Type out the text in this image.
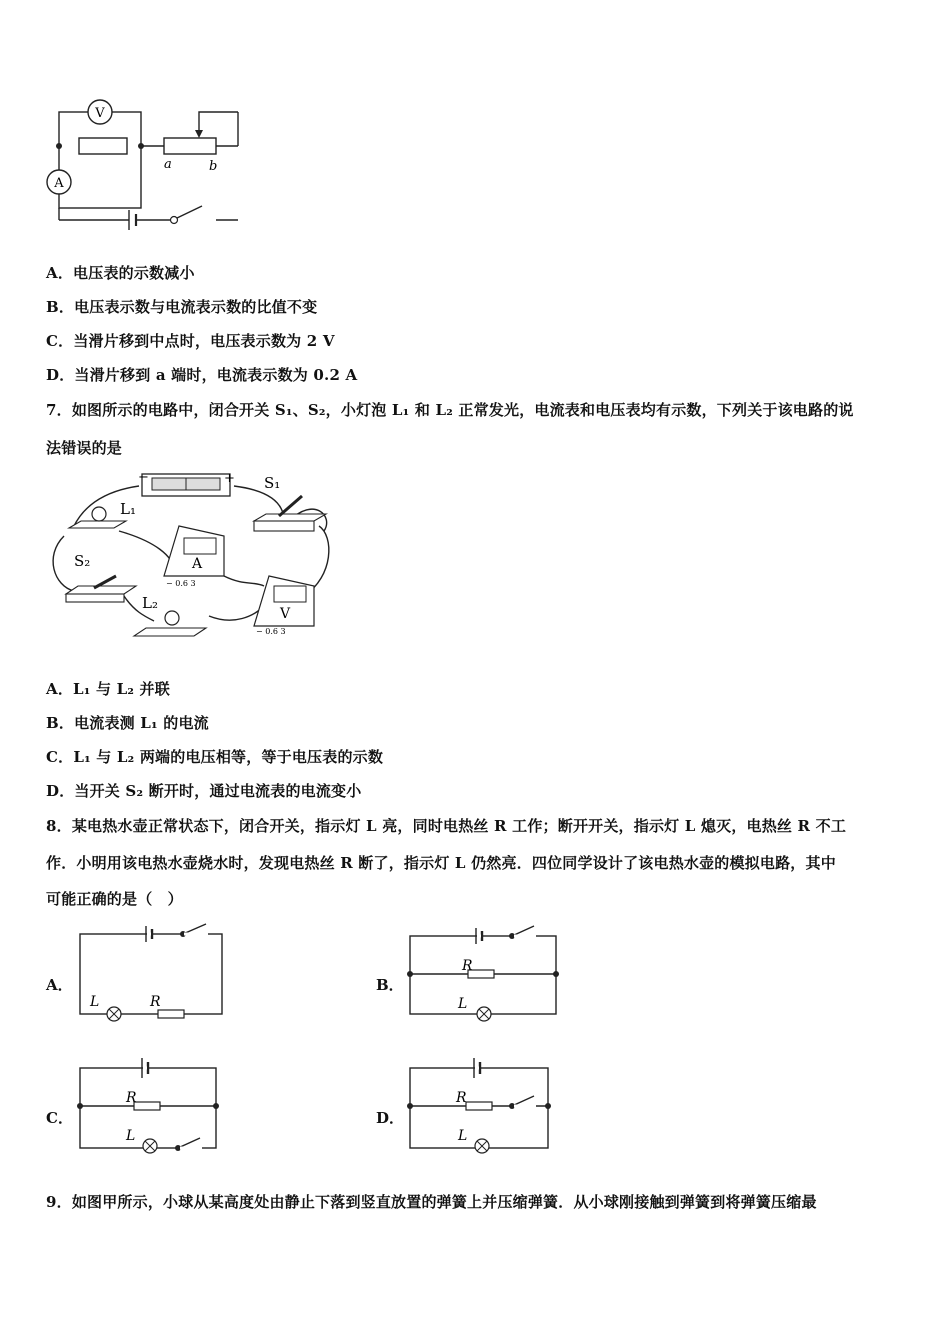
V
A
a	b
A．电压表的示数减小
B．电压表示数与电流表示数的比值不变
C．当滑片移到中点时，电压表示数为 2 V
D．当滑片移到 a 端时，电流表示数为 0.2 A
7．如图所示的电路中，闭合开关 S₁、S₂，小灯泡 L₁ 和 L₂ 正常发光，电流表和电压表均有示数，下列关于该电路的说
法错误的是
−	+ S₁
L₁
A
− 0.6 3
S₂
L₂
V
− 0.6 3
A．L₁ 与 L₂ 并联
B．电流表测 L₁ 的电流
C．L₁ 与 L₂ 两端的电压相等，等于电压表的示数
D．当开关 S₂ 断开时，通过电流表的电流变小
8．某电热水壶正常状态下，闭合开关，指示灯 L 亮，同时电热丝 R 工作；断开开关，指示灯 L 熄灭，电热丝 R 不工
作．小明用该电热水壶烧水时，发现电热丝 R 断了，指示灯 L 仍然亮．四位同学设计了该电热水壶的模拟电路，其中
可能正确的是（　）
A．
L	R
B．
R
L
C．
R
L
D．
R
L
9．如图甲所示，小球从某高度处由静止下落到竖直放置的弹簧上并压缩弹簧．从小球刚接触到弹簧到将弹簧压缩最
